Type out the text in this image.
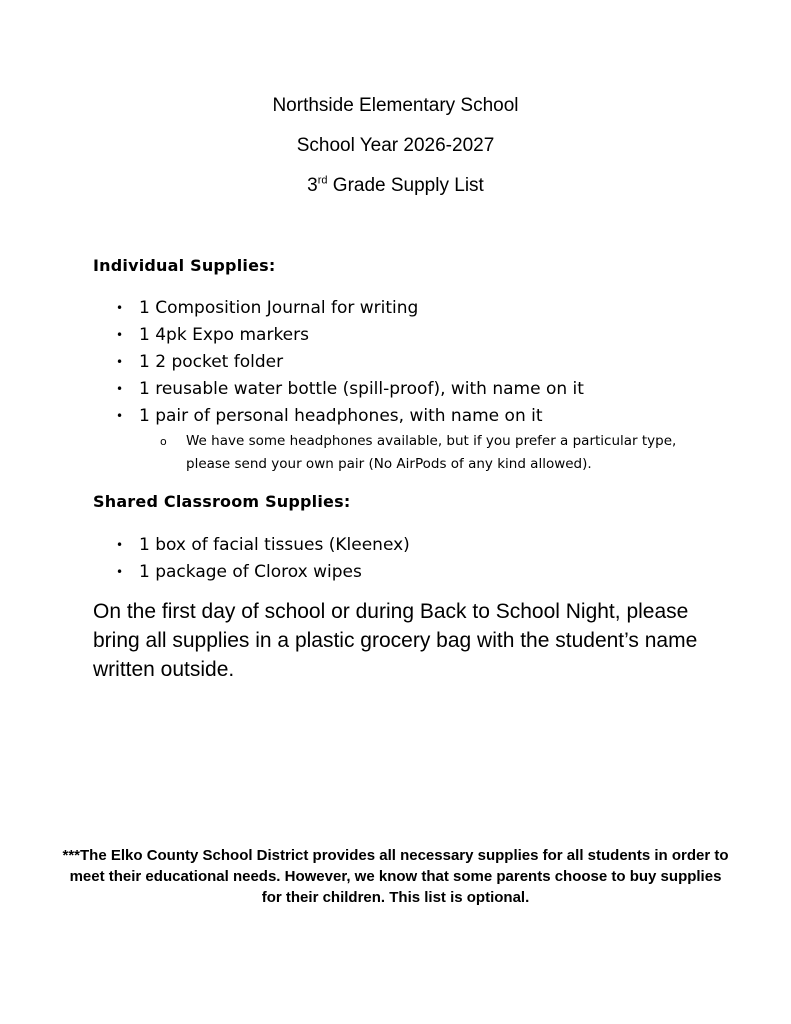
Northside Elementary School
School Year 2026-2027
3rd Grade Supply List
Individual Supplies:
• 1 Composition Journal for writing
• 1 4pk Expo markers
• 1 2 pocket folder
• 1 reusable water bottle (spill-proof), with name on it
• 1 pair of personal headphones, with name on it
o We have some headphones available, but if you prefer a particular type, please send your own pair (No AirPods of any kind allowed).
Shared Classroom Supplies:
• 1 box of facial tissues (Kleenex)
• 1 package of Clorox wipes
On the first day of school or during Back to School Night, please bring all supplies in a plastic grocery bag with the student’s name written outside.
***The Elko County School District provides all necessary supplies for all students in order to meet their educational needs. However, we know that some parents choose to buy supplies for their children. This list is optional.
